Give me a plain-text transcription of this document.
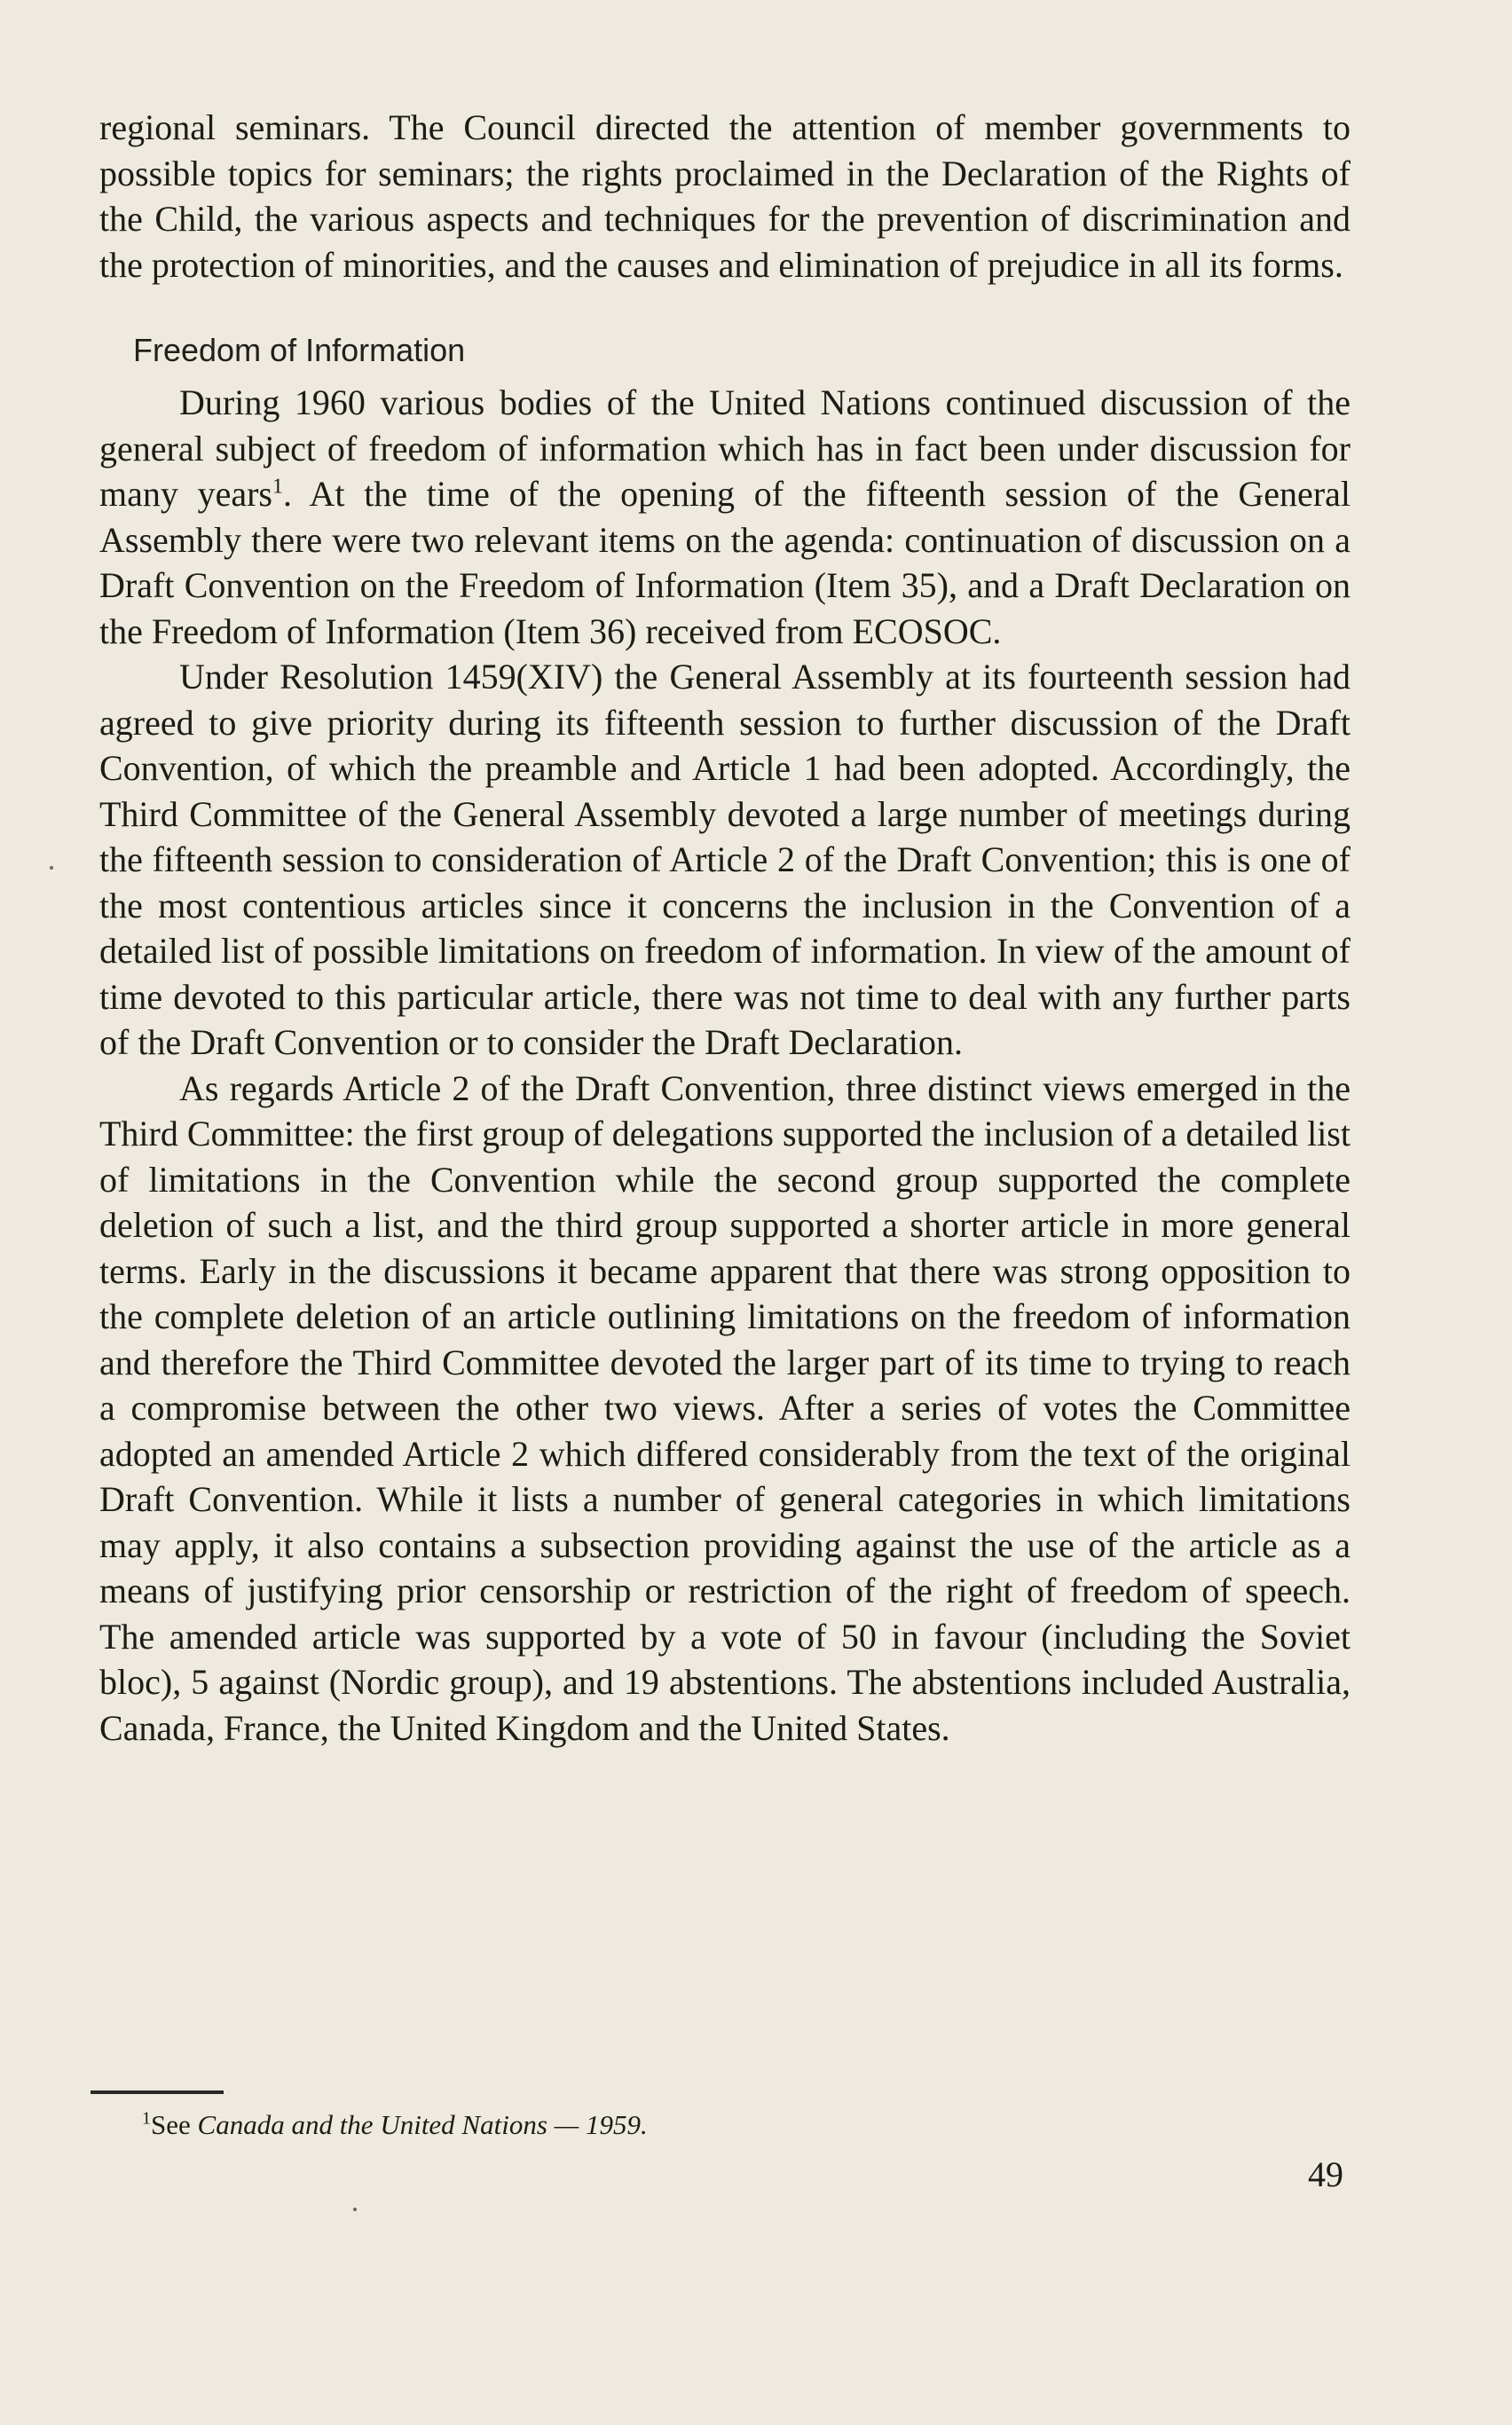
regional seminars. The Council directed the attention of member governments to possible topics for seminars; the rights proclaimed in the Declaration of the Rights of the Child, the various aspects and techniques for the prevention of discrimination and the protection of minorities, and the causes and elimination of prejudice in all its forms.

Freedom of Information

During 1960 various bodies of the United Nations continued discussion of the general subject of freedom of information which has in fact been under discussion for many years$^1$. At the time of the opening of the fifteenth session of the General Assembly there were two relevant items on the agenda: continuation of discussion on a Draft Convention on the Freedom of Information (Item 35), and a Draft Declaration on the Freedom of Information (Item 36) received from ECOSOC.

Under Resolution 1459(XIV) the General Assembly at its fourteenth session had agreed to give priority during its fifteenth session to further discussion of the Draft Convention, of which the preamble and Article 1 had been adopted. Accordingly, the Third Committee of the General Assembly devoted a large number of meetings during the fifteenth session to consideration of Article 2 of the Draft Convention; this is one of the most contentious articles since it concerns the inclusion in the Convention of a detailed list of possible limitations on freedom of information. In view of the amount of time devoted to this particular article, there was not time to deal with any further parts of the Draft Convention or to consider the Draft Declaration.

As regards Article 2 of the Draft Convention, three distinct views emerged in the Third Committee: the first group of delegations supported the inclusion of a detailed list of limitations in the Convention while the second group supported the complete deletion of such a list, and the third group supported a shorter article in more general terms. Early in the discussions it became apparent that there was strong opposition to the complete deletion of an article outlining limitations on the freedom of information and therefore the Third Committee devoted the larger part of its time to trying to reach a compromise between the other two views. After a series of votes the Committee adopted an amended Article 2 which differed considerably from the text of the original Draft Convention. While it lists a number of general categories in which limitations may apply, it also contains a subsection providing against the use of the article as a means of justifying prior censorship or restriction of the right of freedom of speech. The amended article was supported by a vote of 50 in favour (including the Soviet bloc), 5 against (Nordic group), and 19 abstentions. The abstentions included Australia, Canada, France, the United Kingdom and the United States.

$^1$See Canada and the United Nations — 1959.
49
